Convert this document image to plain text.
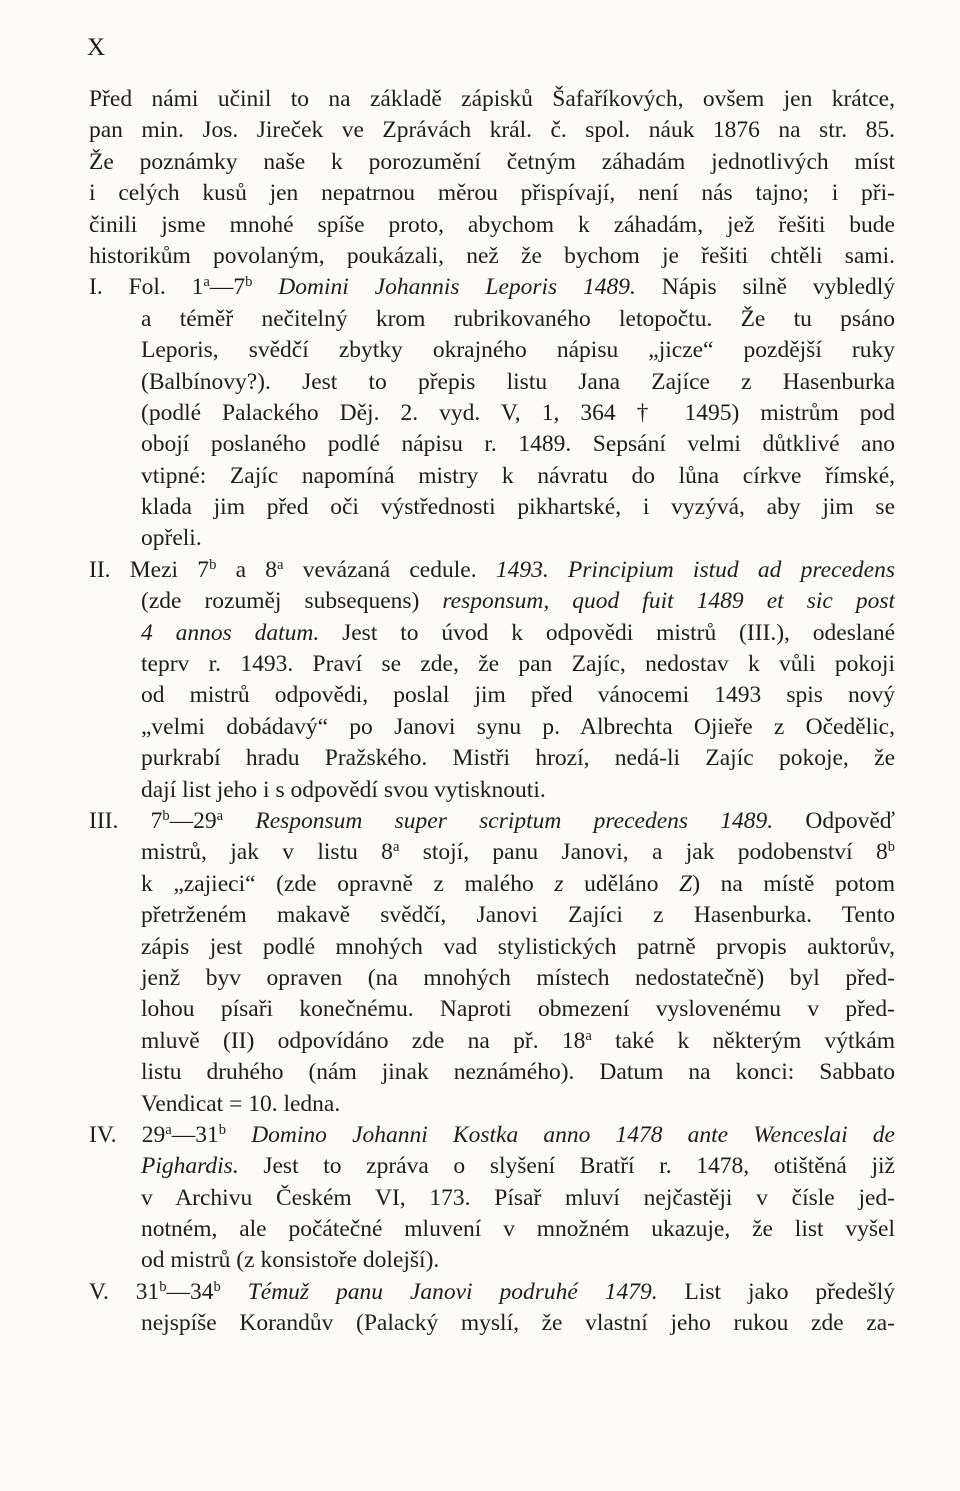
X
Před námi učinil to na základě zápisků Šafaříkových, ovšem jen krátce,
pan min. Jos. Jireček ve Zprávách král. č. spol. náuk 1876 na str. 85.
Že poznámky naše k porozumění četným záhadám jednotlivých míst
i celých kusů jen nepatrnou měrou přispívají, není nás tajno; i při-
činili jsme mnohé spíše proto, abychom k záhadám, jež řešiti bude
historikům povolaným, poukázali, než že bychom je řešiti chtěli sami.
I. Fol. 1$^a$—7$^b$ Domini Johannis Leporis 1489. Nápis silně vybledlý
a téměř nečitelný krom rubrikovaného letopočtu. Že tu psáno
Leporis, svědčí zbytky okrajného nápisu „jicze“ pozdější ruky
(Balbínovy?). Jest to přepis listu Jana Zajíce z Hasenburka
(podlé Palackého Děj. 2. vyd. V, 1, 364 † 1495) mistrům pod
obojí poslaného podlé nápisu r. 1489. Sepsání velmi důtklivé ano
vtipné: Zajíc napomíná mistry k návratu do lůna církve římské,
klada jim před oči výstřednosti pikhartské, i vyzývá, aby jim se
opřeli.
II. Mezi 7$^b$ a 8$^a$ vevázaná cedule. 1493. Principium istud ad precedens
(zde rozuměj subsequens) responsum, quod fuit 1489 et sic post
4 annos datum. Jest to úvod k odpovědi mistrů (III.), odeslané
teprv r. 1493. Praví se zde, že pan Zajíc, nedostav k vůli pokoji
od mistrů odpovědi, poslal jim před vánocemi 1493 spis nový
„velmi dobádavý“ po Janovi synu p. Albrechta Ojieře z Očedělic,
purkrabí hradu Pražského. Mistři hrozí, nedá-li Zajíc pokoje, že
dají list jeho i s odpovědí svou vytisknouti.
III. 7$^b$—29$^a$ Responsum super scriptum precedens 1489. Odpověď
mistrů, jak v listu 8$^a$ stojí, panu Janovi, a jak podobenství 8$^b$
k „zajieci“ (zde opravně z malého z uděláno Z) na místě potom
přetrženém makavě svědčí, Janovi Zajíci z Hasenburka. Tento
zápis jest podlé mnohých vad stylistických patrně prvopis auktorův,
jenž byv opraven (na mnohých místech nedostatečně) byl před-
lohou písaři konečnému. Naproti obmezení vyslovenému v před-
mluvě (II) odpovídáno zde na př. 18$^a$ také k některým výtkám
listu druhého (nám jinak neznámého). Datum na konci: Sabbato
Vendicat = 10. ledna.
IV. 29$^a$—31$^b$ Domino Johanni Kostka anno 1478 ante Wenceslai de
Pighardis. Jest to zpráva o slyšení Bratří r. 1478, otištěná již
v Archivu Českém VI, 173. Písař mluví nejčastěji v čísle jed-
notném, ale počátečné mluvení v množném ukazuje, že list vyšel
od mistrů (z konsistoře dolejší).
V. 31$^b$—34$^b$ Témuž panu Janovi podruhé 1479. List jako předešlý
nejspíše Korandův (Palacký myslí, že vlastní jeho rukou zde za-
